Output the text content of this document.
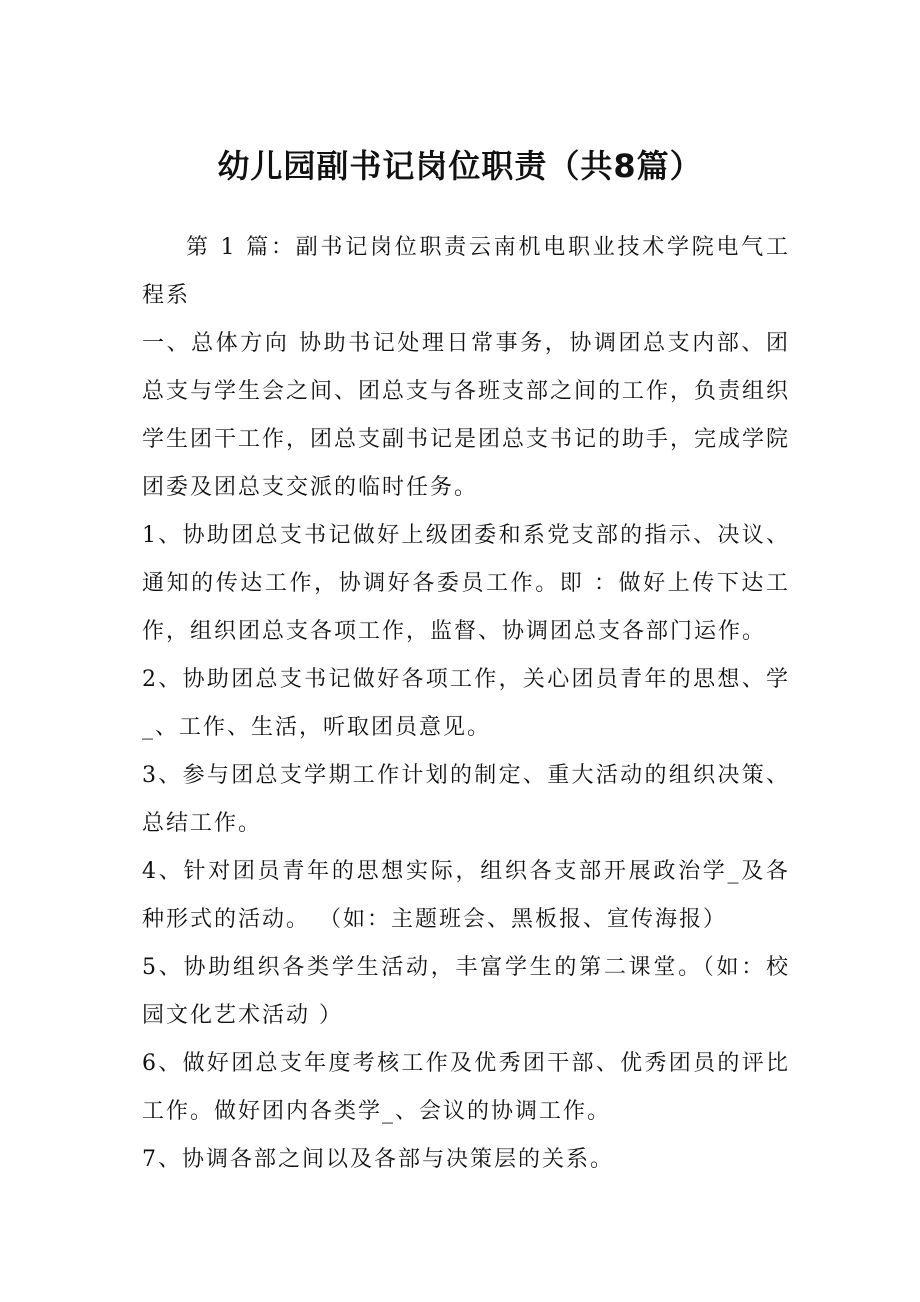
幼儿园副书记岗位职责（共8篇）

第 1 篇：副书记岗位职责云南机电职业技术学院电气工程系

一、总体方向 协助书记处理日常事务，协调团总支内部、团总支与学生会之间、团总支与各班支部之间的工作，负责组织学生团干工作，团总支副书记是团总支书记的助手，完成学院团委及团总支交派的临时任务。

1、协助团总支书记做好上级团委和系党支部的指示、决议、通知的传达工作，协调好各委员工作。即 ：做好上传下达工作，组织团总支各项工作，监督、协调团总支各部门运作。

2、协助团总支书记做好各项工作，关心团员青年的思想、学_、工作、生活，听取团员意见。

3、参与团总支学期工作计划的制定、重大活动的组织决策、总结工作。

4、针对团员青年的思想实际，组织各支部开展政治学_及各种形式的活动。 （如：主题班会、黑板报、宣传海报）

5、协助组织各类学生活动，丰富学生的第二课堂。（如：校园文化艺术活动 ）

6、做好团总支年度考核工作及优秀团干部、优秀团员的评比工作。做好团内各类学_、会议的协调工作。

7、协调各部之间以及各部与决策层的关系。
